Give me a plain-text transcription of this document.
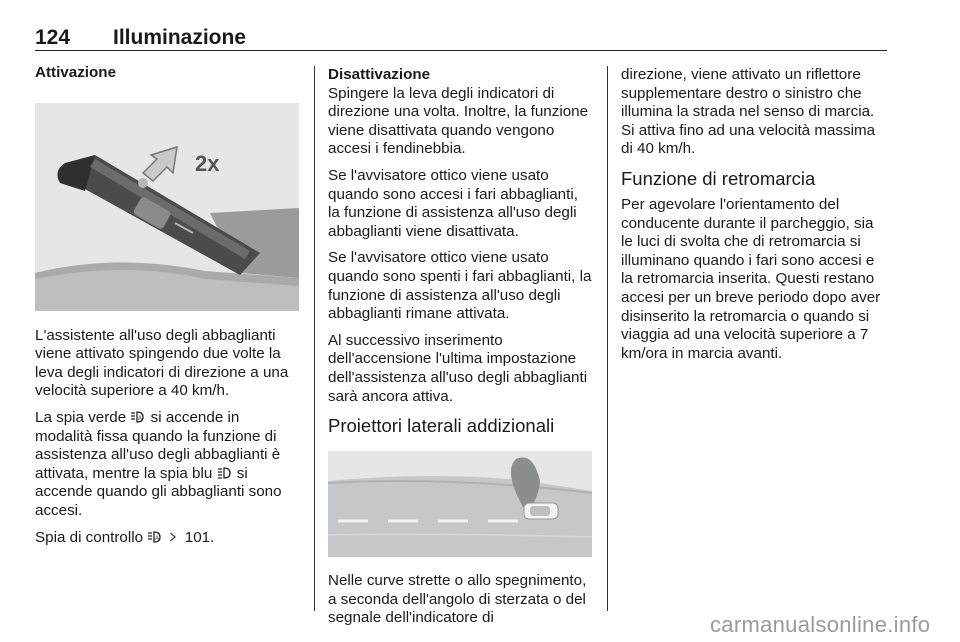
124 Illuminazione
Attivazione
2x

L'assistente all'uso degli abbaglianti viene attivato spingendo due volte la leva degli indicatori di direzione a una velocità superiore a 40 km/h.

La spia verde A si accende in modalità fissa quando la funzione di assistenza all'uso degli abbaglianti è attivata, mentre la spia blu si accende quando gli abbaglianti sono accesi.

Spia di controllo A 101.

Disattivazione

Spingere la leva degli indicatori di direzione una volta. Inoltre, la funzione viene disattivata quando vengono accesi i fendinebbia.

Se l'avvisatore ottico viene usato quando sono accesi i fari abbaglianti, la funzione di assistenza all'uso degli abbaglianti viene disattivata.

Se l'avvisatore ottico viene usato quando sono spenti i fari abbaglianti, la funzione di assistenza all'uso degli abbaglianti rimane attivata.

Al successivo inserimento dell'accensione l'ultima impostazione dell'assistenza all'uso degli abbaglianti sarà ancora attiva.

Proiettori laterali addizionali

Nelle curve strette o allo spegnimento, a seconda dell'angolo di sterzata o del segnale dell'indicatore di

direzione, viene attivato un riflettore supplementare destro o sinistro che illumina la strada nel senso di marcia. Si attiva fino ad una velocità massima di 40 km/h.

Funzione di retromarcia

Per agevolare l'orientamento del conducente durante il parcheggio, sia le luci di svolta che di retromarcia si illuminano quando i fari sono accesi e la retromarcia inserita. Questi restano accesi per un breve periodo dopo aver disinserito la retromarcia o quando si viaggia ad una velocità superiore a 7 km/ora in marcia avanti.

carmanualsonline.info
